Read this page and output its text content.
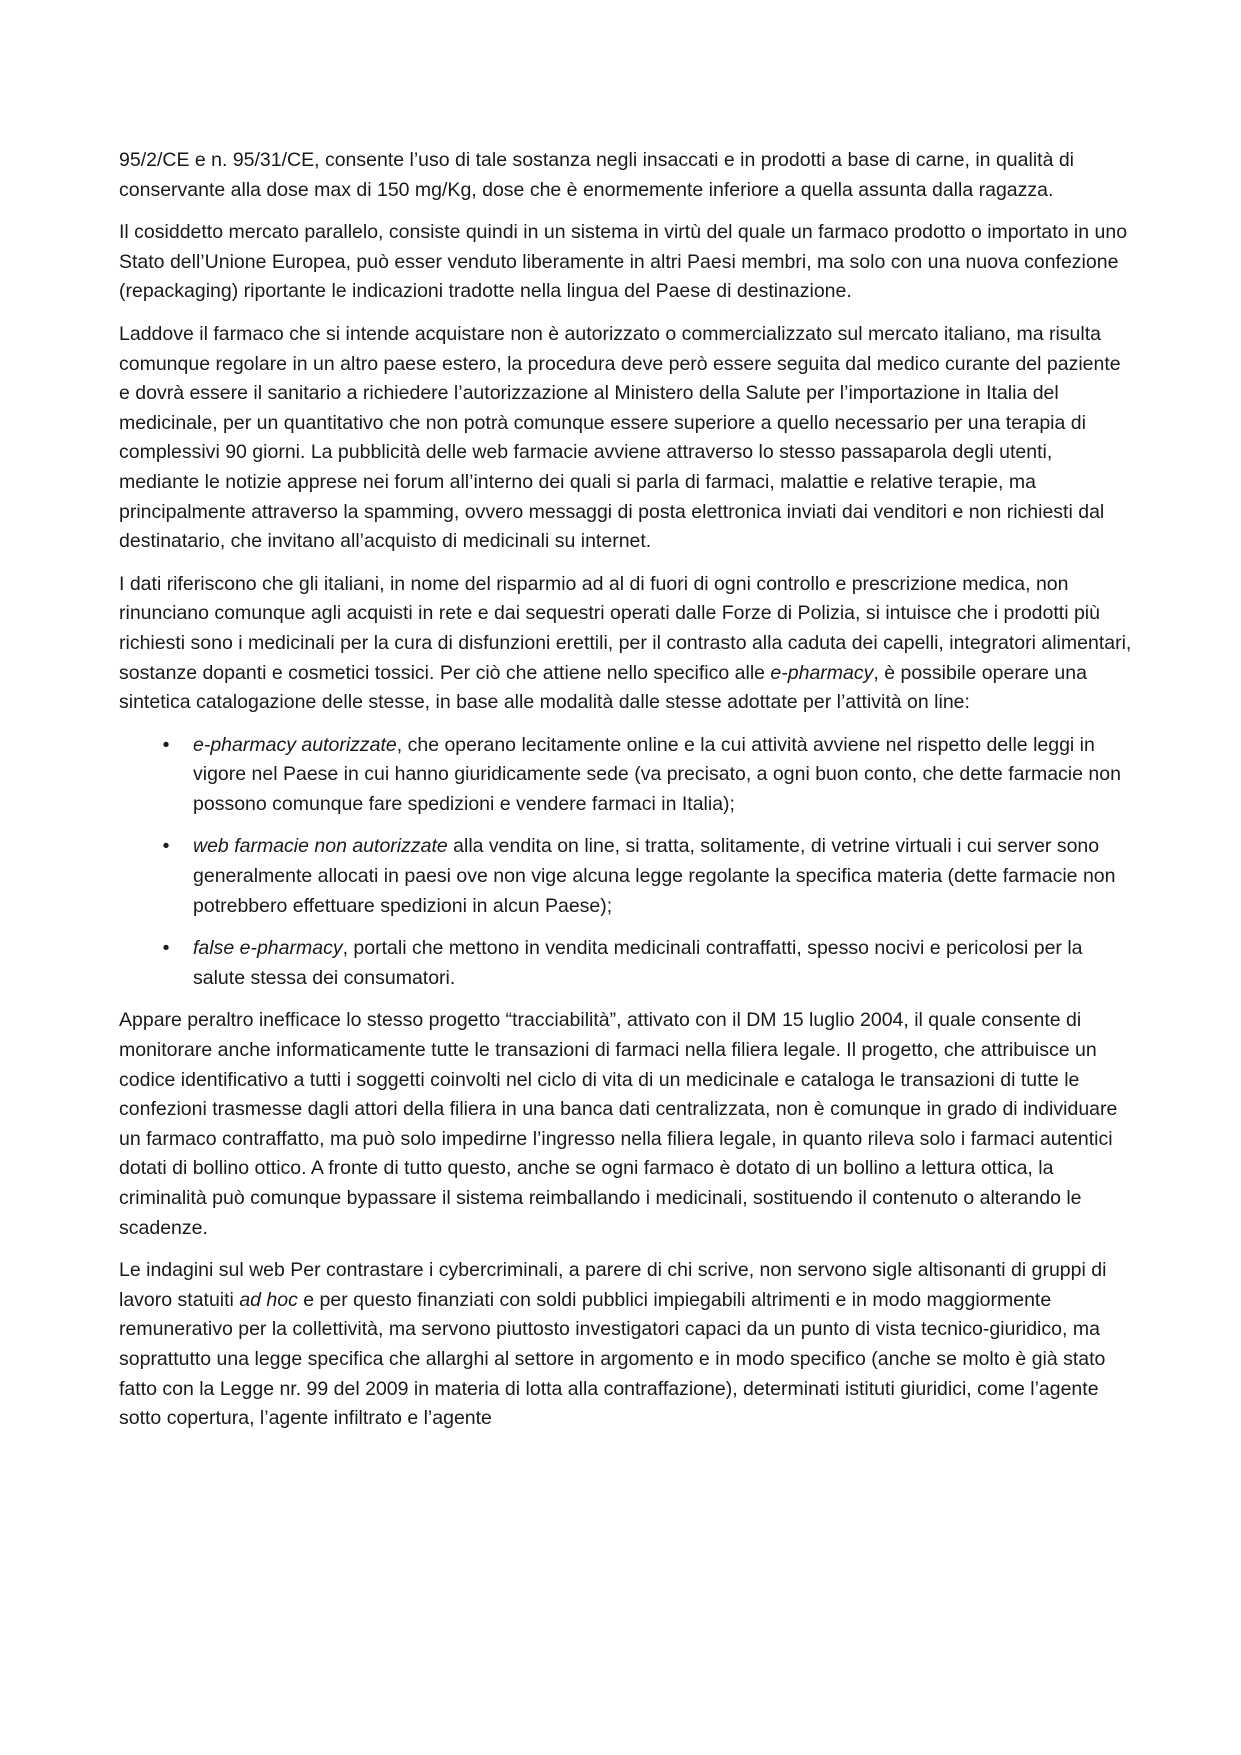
95/2/CE e n. 95/31/CE, consente l’uso di tale sostanza negli insaccati e in prodotti a base di carne, in qualità di conservante alla dose max di 150 mg/Kg, dose che è enormemente inferiore a quella assunta dalla ragazza.

Il cosiddetto mercato parallelo, consiste quindi in un sistema in virtù del quale un farmaco prodotto o importato in uno Stato dell’Unione Europea, può esser venduto liberamente in altri Paesi membri, ma solo con una nuova confezione (repackaging) riportante le indicazioni tradotte nella lingua del Paese di destinazione.

Laddove il farmaco che si intende acquistare non è autorizzato o commercializzato sul mercato italiano, ma risulta comunque regolare in un altro paese estero, la procedura deve però essere seguita dal medico curante del paziente e dovrà essere il sanitario a richiedere l’autorizzazione al Ministero della Salute per l’importazione in Italia del medicinale, per un quantitativo che non potrà comunque essere superiore a quello necessario per una terapia di complessivi 90 giorni. La pubblicità delle web farmacie avviene attraverso lo stesso passaparola degli utenti, mediante le notizie apprese nei forum all’interno dei quali si parla di farmaci, malattie e relative terapie, ma principalmente attraverso la spamming, ovvero messaggi di posta elettronica inviati dai venditori e non richiesti dal destinatario, che invitano all’acquisto di medicinali su internet.

I dati riferiscono che gli italiani, in nome del risparmio ad al di fuori di ogni controllo e prescrizione medica, non rinunciano comunque agli acquisti in rete e dai sequestri operati dalle Forze di Polizia, si intuisce che i prodotti più richiesti sono i medicinali per la cura di disfunzioni erettili, per il contrasto alla caduta dei capelli, integratori alimentari, sostanze dopanti e cosmetici tossici. Per ciò che attiene nello specifico alle e-pharmacy, è possibile operare una sintetica catalogazione delle stesse, in base alle modalità dalle stesse adottate per l’attività on line:

• e-pharmacy autorizzate, che operano lecitamente online e la cui attività avviene nel rispetto delle leggi in vigore nel Paese in cui hanno giuridicamente sede (va precisato, a ogni buon conto, che dette farmacie non possono comunque fare spedizioni e vendere farmaci in Italia);
• web farmacie non autorizzate alla vendita on line, si tratta, solitamente, di vetrine virtuali i cui server sono generalmente allocati in paesi ove non vige alcuna legge regolante la specifica materia (dette farmacie non potrebbero effettuare spedizioni in alcun Paese);
• false e-pharmacy, portali che mettono in vendita medicinali contraffatti, spesso nocivi e pericolosi per la salute stessa dei consumatori.

Appare peraltro inefficace lo stesso progetto “tracciabilità”, attivato con il DM 15 luglio 2004, il quale consente di monitorare anche informaticamente tutte le transazioni di farmaci nella filiera legale. Il progetto, che attribuisce un codice identificativo a tutti i soggetti coinvolti nel ciclo di vita di un medicinale e cataloga le transazioni di tutte le confezioni trasmesse dagli attori della filiera in una banca dati centralizzata, non è comunque in grado di individuare un farmaco contraffatto, ma può solo impedirne l’ingresso nella filiera legale, in quanto rileva solo i farmaci autentici dotati di bollino ottico. A fronte di tutto questo, anche se ogni farmaco è dotato di un bollino a lettura ottica, la criminalità può comunque bypassare il sistema reimballando i medicinali, sostituendo il contenuto o alterando le scadenze.

Le indagini sul web Per contrastare i cybercriminali, a parere di chi scrive, non servono sigle altisonanti di gruppi di lavoro statuiti ad hoc e per questo finanziati con soldi pubblici impiegabili altrimenti e in modo maggiormente remunerativo per la collettività, ma servono piuttosto investigatori capaci da un punto di vista tecnico-giuridico, ma soprattutto una legge specifica che allarghi al settore in argomento e in modo specifico (anche se molto è già stato fatto con la Legge nr. 99 del 2009 in materia di lotta alla contraffazione), determinati istituti giuridici, come l’agente sotto copertura, l’agente infiltrato e l’agente
